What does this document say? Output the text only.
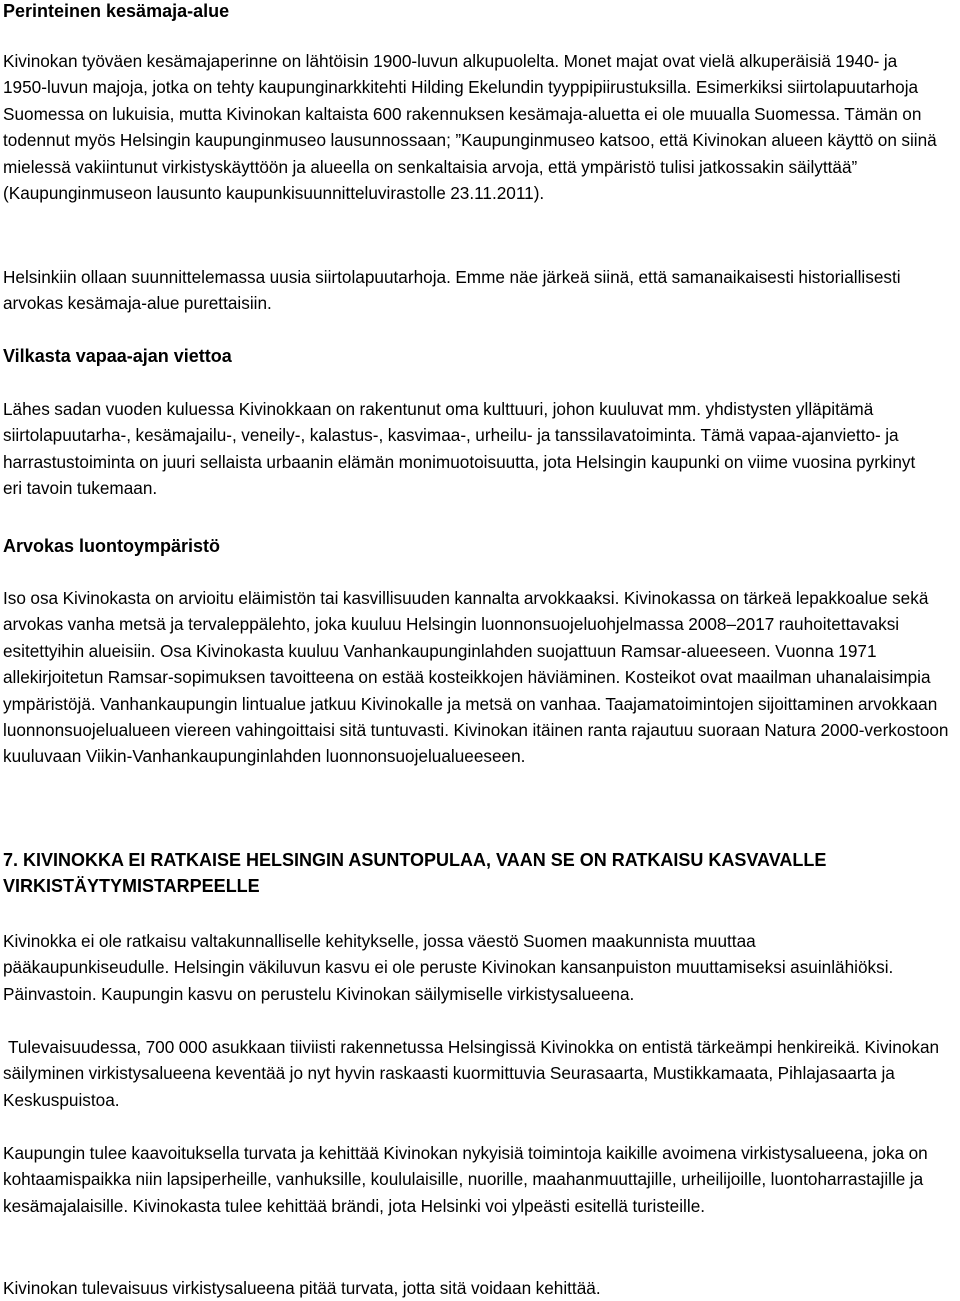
Perinteinen kesämaja-alue

Kivinokan työväen kesämajaperinne on lähtöisin 1900-luvun alkupuolelta. Monet majat ovat vielä alkuperäisiä 1940- ja 1950-luvun majoja, jotka on tehty kaupunginarkkitehti Hilding Ekelundin tyyppipiirustuksilla. Esimerkiksi siirtolapuutarhoja Suomessa on lukuisia, mutta Kivinokan kaltaista 600 rakennuksen kesämaja-aluetta ei ole muualla Suomessa. Tämän on todennut myös Helsingin kaupunginmuseo lausunnossaan; ”Kaupunginmuseo katsoo, että Kivinokan alueen käyttö on siinä mielessä vakiintunut virkistyskäyttöön ja alueella on senkaltaisia arvoja, että ympäristö tulisi jatkossakin säilyttää” (Kaupunginmuseon lausunto kaupunkisuunnitteluvirastolle 23.11.2011).

Helsinkiin ollaan suunnittelemassa uusia siirtolapuutarhoja. Emme näe järkeä siinä, että samanaikaisesti historiallisesti arvokas kesämaja-alue purettaisiin.

Vilkasta vapaa-ajan viettoa

Lähes sadan vuoden kuluessa Kivinokkaan on rakentunut oma kulttuuri, johon kuuluvat mm. yhdistysten ylläpitämä siirtolapuutarha-, kesämajailu-, veneily-, kalastus-, kasvimaa-, urheilu- ja tanssilavatoiminta. Tämä vapaa-ajanvietto- ja harrastustoiminta on juuri sellaista urbaanin elämän monimuotoisuutta, jota Helsingin kaupunki on viime vuosina pyrkinyt eri tavoin tukemaan.

Arvokas luontoympäristö

Iso osa Kivinokasta on arvioitu eläimistön tai kasvillisuuden kannalta arvokkaaksi. Kivinokassa on tärkeä lepakkoalue sekä arvokas vanha metsä ja tervaleppälehto, joka kuuluu Helsingin luonnonsuojeluohjelmassa 2008–2017 rauhoitettavaksi esitettyihin alueisiin. Osa Kivinokasta kuuluu Vanhankaupunginlahden suojattuun Ramsar-alueeseen. Vuonna 1971 allekirjoitetun Ramsar-sopimuksen tavoitteena on estää kosteikkojen häviäminen. Kosteikot ovat maailman uhanalaisimpia ympäristöjä. Vanhankaupungin lintualue jatkuu Kivinokalle ja metsä on vanhaa. Taajamatoimintojen sijoittaminen arvokkaan luonnonsuojelualueen viereen vahingoittaisi sitä tuntuvasti. Kivinokan itäinen ranta rajautuu suoraan Natura 2000-verkostoon kuuluvaan Viikin-Vanhankaupunginlahden luonnonsuojelualueeseen.

7. KIVINOKKA EI RATKAISE HELSINGIN ASUNTOPULAA, VAAN SE ON RATKAISU KASVAVALLE
VIRKISTÄYTYMISTARPEELLE

Kivinokka ei ole ratkaisu valtakunnalliselle kehitykselle, jossa väestö Suomen maakunnista muuttaa pääkaupunkiseudulle. Helsingin väkiluvun kasvu ei ole peruste Kivinokan kansanpuiston muuttamiseksi asuinlähiöksi. Päinvastoin. Kaupungin kasvu on perustelu Kivinokan säilymiselle virkistysalueena.

Tulevaisuudessa, 700 000 asukkaan tiiviisti rakennetussa Helsingissä Kivinokka on entistä tärkeämpi henkireikä. Kivinokan säilyminen virkistysalueena keventää jo nyt hyvin raskaasti kuormittuvia Seurasaarta, Mustikkamaata, Pihlajasaarta ja Keskuspuistoa.

Kaupungin tulee kaavoituksella turvata ja kehittää Kivinokan nykyisiä toimintoja kaikille avoimena virkistysalueena, joka on kohtaamispaikka niin lapsiperheille, vanhuksille, koululaisille, nuorille, maahanmuuttajille, urheilijoille, luontoharrastajille ja kesämajalaisille. Kivinokasta tulee kehittää brändi, jota Helsinki voi ylpeästi esitellä turisteille.

Kivinokan tulevaisuus virkistysalueena pitää turvata, jotta sitä voidaan kehittää.
